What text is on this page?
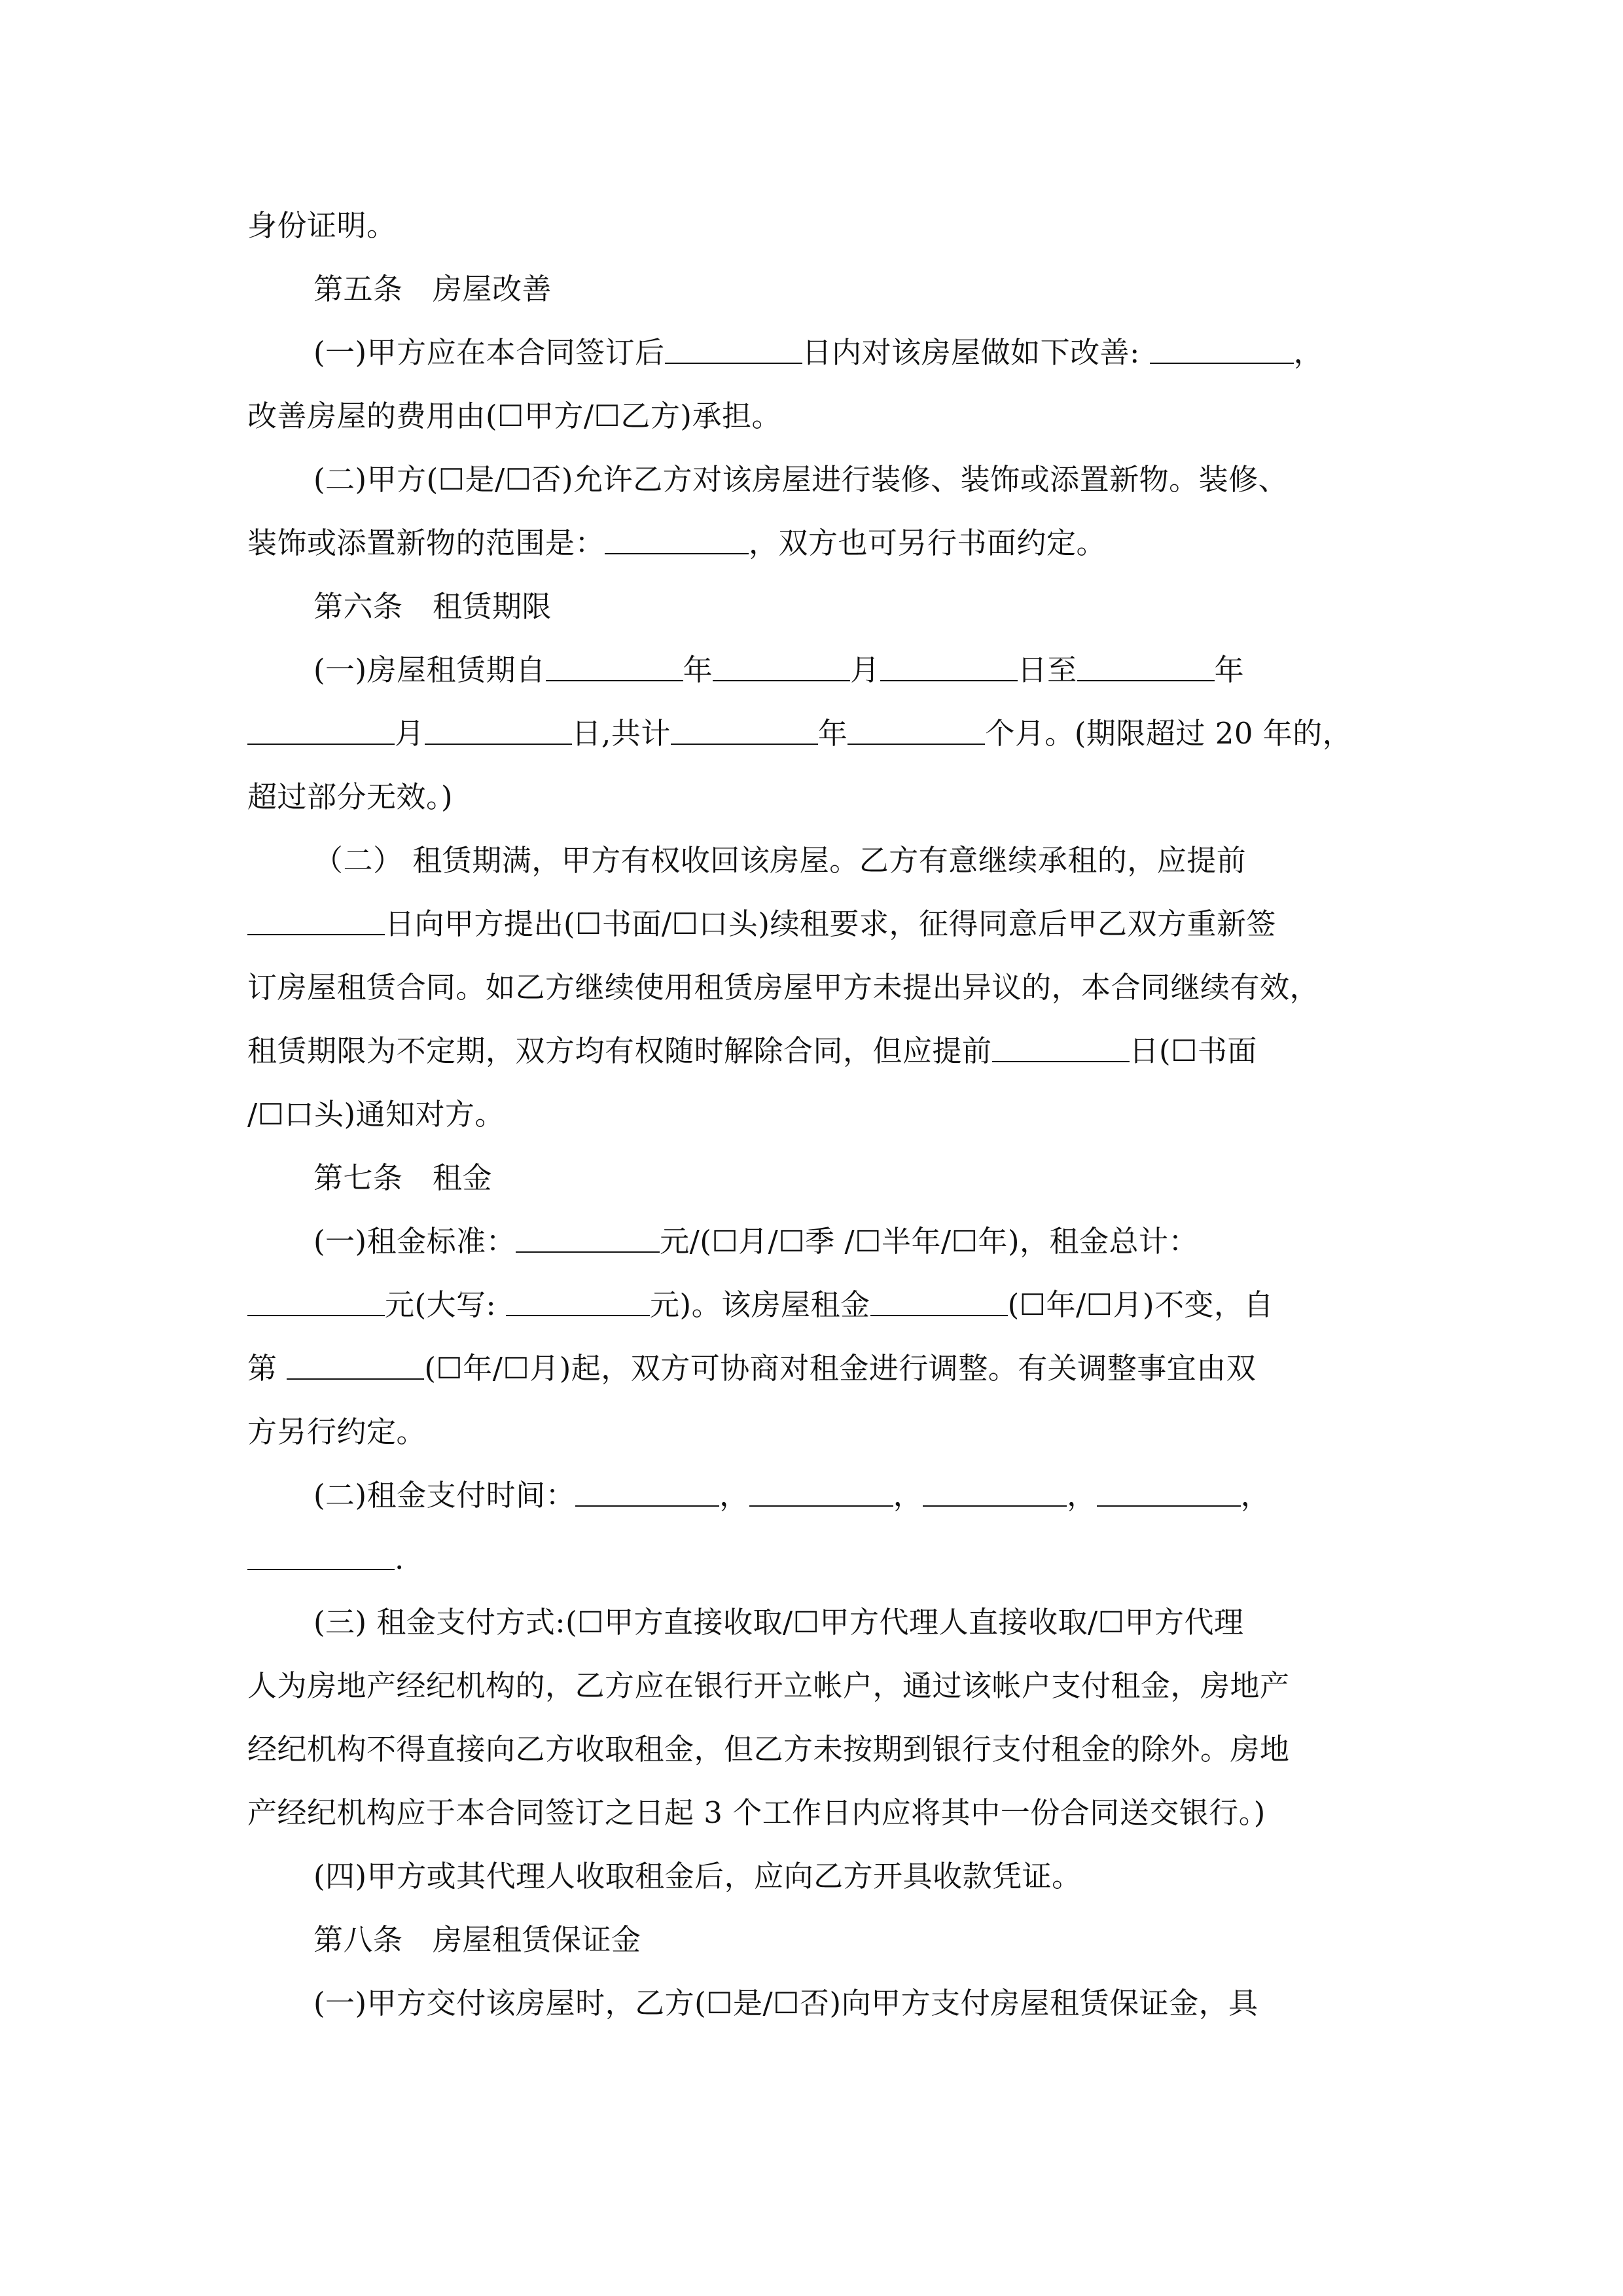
身份证明。
第五条　房屋改善
(一)甲方应在本合同签订后	日内对该房屋做如下改善:	，
改善房屋的费用由(☐甲方/☐乙方)承担。
(二)甲方(☐是/☐否)允许乙方对该房屋进行装修、装饰或添置新物。装修、
装饰或添置新物的范围是：	，双方也可另行书面约定。
第六条　租赁期限
(一)房屋租赁期自	年	月	日至	年
月	日,共计	年	个月。(期限超过 20 年的，
超过部分无效。)
（二） 租赁期满，甲方有权收回该房屋。乙方有意继续承租的，应提前
日向甲方提出(☐书面/☐口头)续租要求，征得同意后甲乙双方重新签
订房屋租赁合同。如乙方继续使用租赁房屋甲方未提出异议的，本合同继续有效，
租赁期限为不定期，双方均有权随时解除合同，但应提前	日(☐书面
/☐口头)通知对方。
第七条　租金
(一)租金标准：	元/(☐月/☐季 /☐半年/☐年)，租金总计：
元(大写:	元)。该房屋租金	(☐年/☐月)不变，自
第	(☐年/☐月)起，双方可协商对租金进行调整。有关调整事宜由双
方另行约定。
(二)租金支付时间：	，	，	，	，
.
(三) 租金支付方式:(☐甲方直接收取/☐甲方代理人直接收取/☐甲方代理
人为房地产经纪机构的，乙方应在银行开立帐户，通过该帐户支付租金，房地产
经纪机构不得直接向乙方收取租金，但乙方未按期到银行支付租金的除外。房地
产经纪机构应于本合同签订之日起 3 个工作日内应将其中一份合同送交银行。)
(四)甲方或其代理人收取租金后，应向乙方开具收款凭证。
第八条　房屋租赁保证金
(一)甲方交付该房屋时，乙方(☐是/☐否)向甲方支付房屋租赁保证金，具
